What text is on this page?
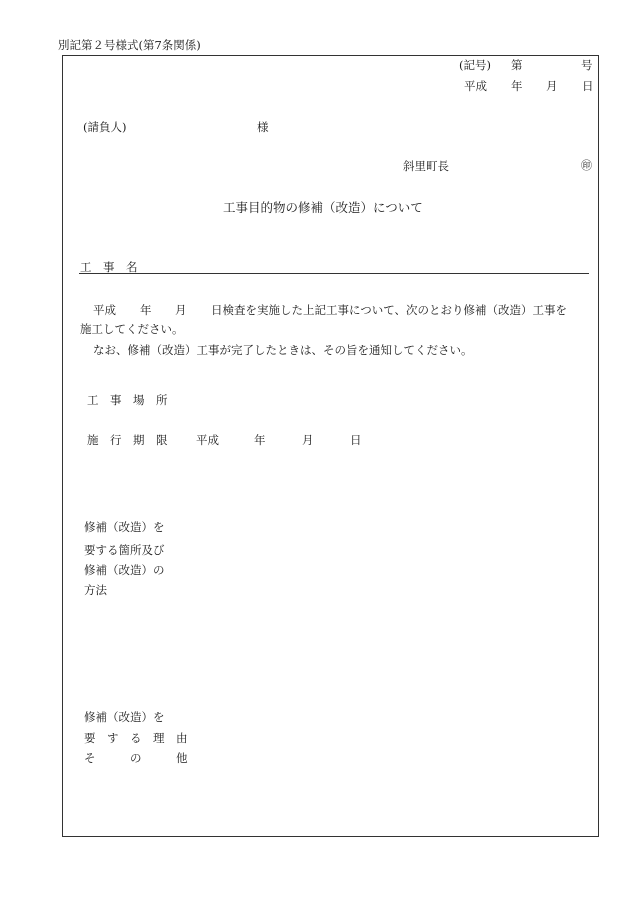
別記第２号様式(第7条関係)
(記号) 第	号
平成 年 月 日
(請負人)	様
斜里町長	㊞
工事目的物の修補（改造）について
工　事　名
平成 年 月 日検査を実施した上記工事について、次のとおり修補（改造）工事を
施工してください。
なお、修補（改造）工事が完了したときは、その旨を通知してください。
工　事　場　所
施　行　期　限 平成	年	月	日
修補（改造）を
要する箇所及び
修補（改造）の
方法
修補（改造）を
要　す　る　理　由
そ　　　の　　　他
